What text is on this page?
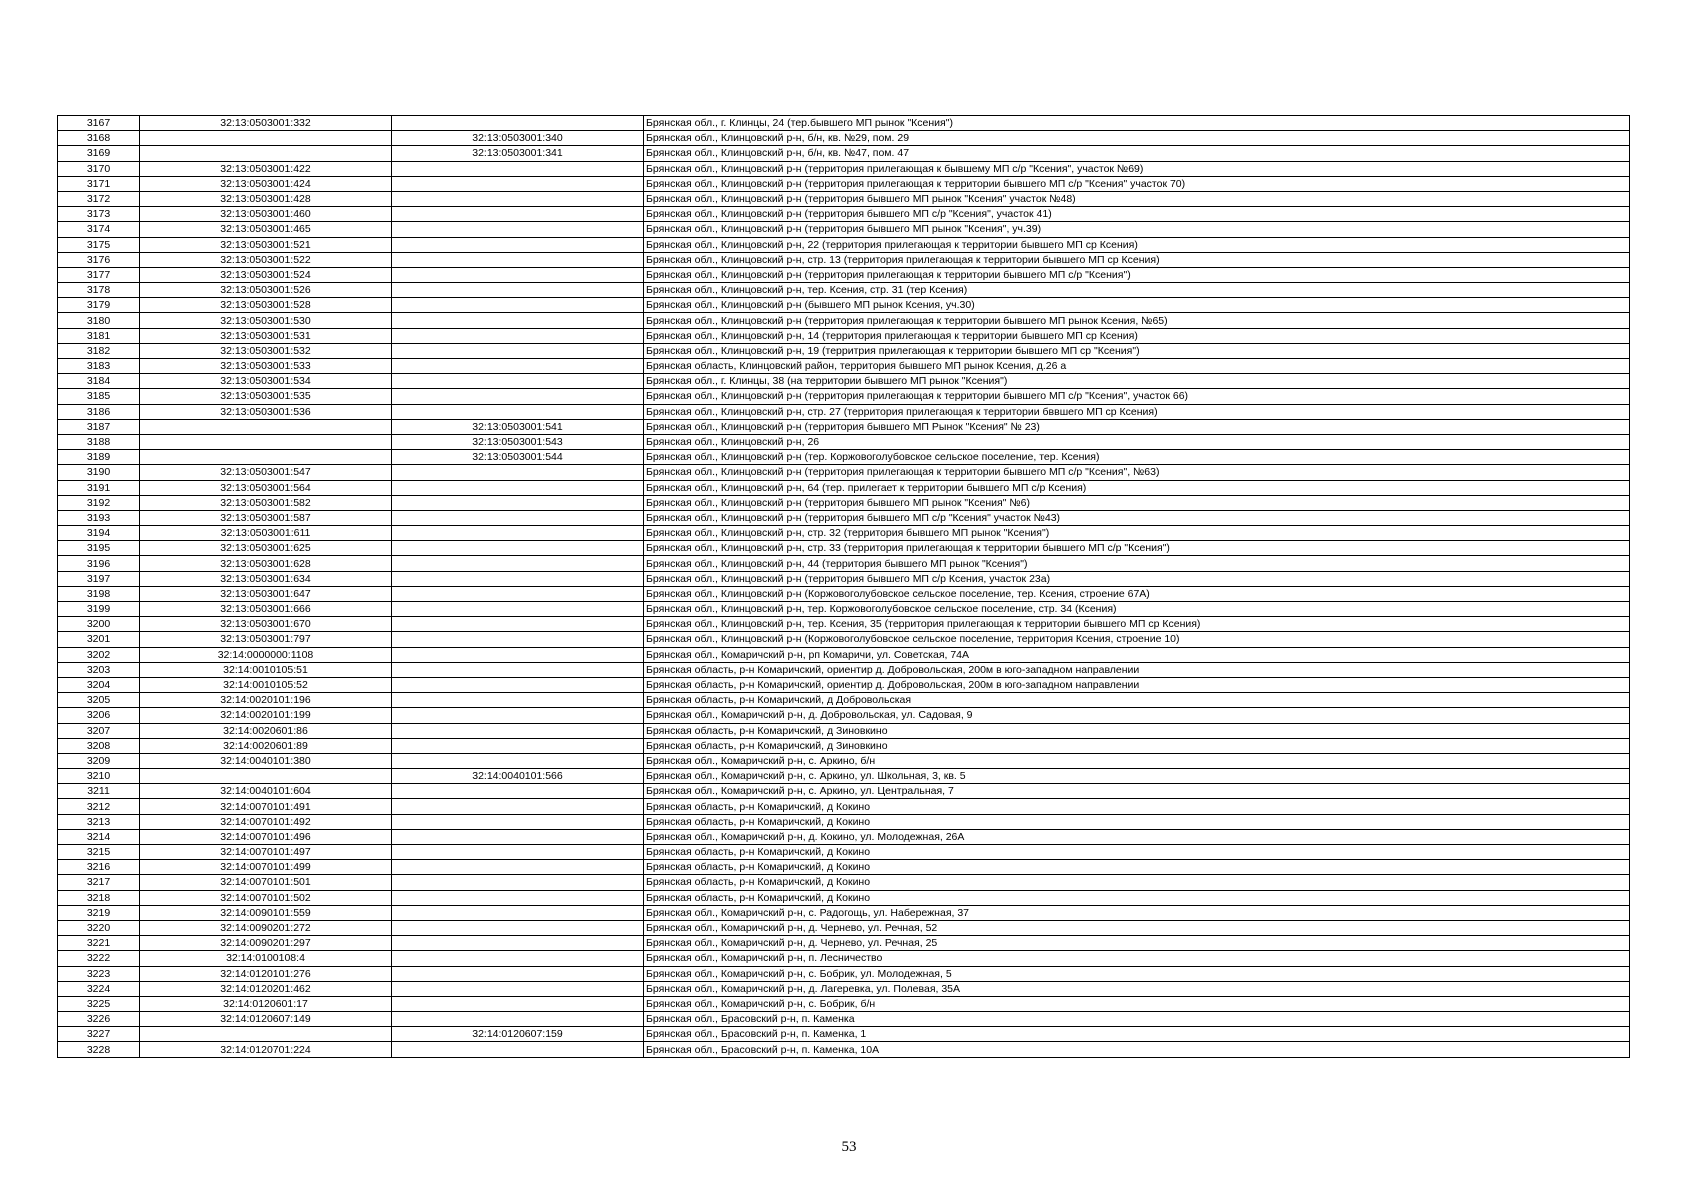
3167	32:13:0503001:332		Брянская обл., г. Клинцы, 24 (тер.бывшего МП рынок "Ксения")
3168		32:13:0503001:340	Брянская обл., Клинцовский р-н, б/н, кв. №29, пом. 29
3169		32:13:0503001:341	Брянская обл., Клинцовский р-н, б/н, кв. №47, пом. 47
3170	32:13:0503001:422		Брянская обл., Клинцовский р-н (территория прилегающая к бывшему МП с/р "Ксения", участок №69)
3171	32:13:0503001:424		Брянская обл., Клинцовский р-н (территория прилегающая к территории бывшего МП с/р "Ксения" участок 70)
3172	32:13:0503001:428		Брянская обл., Клинцовский р-н (территория бывшего МП рынок "Ксения" участок №48)
3173	32:13:0503001:460		Брянская обл., Клинцовский р-н (территория бывшего МП с/р "Ксения", участок 41)
3174	32:13:0503001:465		Брянская обл., Клинцовский р-н (территория бывшего МП рынок "Ксения", уч.39)
3175	32:13:0503001:521		Брянская обл., Клинцовский р-н, 22 (территория прилегающая к территории бывшего МП ср Ксения)
3176	32:13:0503001:522		Брянская обл., Клинцовский р-н, стр. 13 (территория прилегающая к территории бывшего МП ср Ксения)
3177	32:13:0503001:524		Брянская обл., Клинцовский р-н (территория прилегающая к территории бывшего МП с/р "Ксения")
3178	32:13:0503001:526		Брянская обл., Клинцовский р-н, тер. Ксения, стр. 31 (тер Ксения)
3179	32:13:0503001:528		Брянская обл., Клинцовский р-н (бывшего МП рынок Ксения, уч.30)
3180	32:13:0503001:530		Брянская обл., Клинцовский р-н (территория прилегающая к территории бывшего МП рынок Ксения, №65)
3181	32:13:0503001:531		Брянская обл., Клинцовский р-н, 14 (территория прилегающая к территории бывшего МП ср Ксения)
3182	32:13:0503001:532		Брянская обл., Клинцовский р-н, 19 (территрия прилегающая к территории бывшего МП ср "Ксения")
3183	32:13:0503001:533		Брянская область, Клинцовский район, территория бывшего МП рынок Ксения, д.26 а
3184	32:13:0503001:534		Брянская обл., г. Клинцы, 38 (на территории бывшего МП рынок "Ксения")
3185	32:13:0503001:535		Брянская обл., Клинцовский р-н (территория прилегающая к территории бывшего МП с/р "Ксения", участок 66)
3186	32:13:0503001:536		Брянская обл., Клинцовский р-н, стр. 27 (территория прилегающая к территории бввшего МП ср Ксения)
3187		32:13:0503001:541	Брянская обл., Клинцовский р-н (территория бывшего МП Рынок "Ксения" № 23)
3188		32:13:0503001:543	Брянская обл., Клинцовский р-н, 26
3189		32:13:0503001:544	Брянская обл., Клинцовский р-н (тер. Коржовоголубовское сельское поселение, тер. Ксения)
3190	32:13:0503001:547		Брянская обл., Клинцовский р-н (территория прилегающая к территории бывшего МП с/р "Ксения", №63)
3191	32:13:0503001:564		Брянская обл., Клинцовский р-н, 64 (тер. прилегает к территории бывшего МП с/р Ксения)
3192	32:13:0503001:582		Брянская обл., Клинцовский р-н (территория бывшего МП рынок "Ксения" №6)
3193	32:13:0503001:587		Брянская обл., Клинцовский р-н (территория бывшего МП с/р "Ксения" участок №43)
3194	32:13:0503001:611		Брянская обл., Клинцовский р-н, стр. 32 (территория бывшего МП рынок "Ксения")
3195	32:13:0503001:625		Брянская обл., Клинцовский р-н, стр. 33 (территория прилегающая к территории бывшего МП с/р "Ксения")
3196	32:13:0503001:628		Брянская обл., Клинцовский р-н, 44 (территория бывшего МП рынок "Ксения")
3197	32:13:0503001:634		Брянская обл., Клинцовский р-н (территория бывшего МП с/р Ксения, участок 23а)
3198	32:13:0503001:647		Брянская обл., Клинцовский р-н (Коржовоголубовское сельское поселение, тер. Ксения, строение 67А)
3199	32:13:0503001:666		Брянская обл., Клинцовский р-н, тер. Коржовоголубовское сельское поселение, стр. 34 (Ксения)
3200	32:13:0503001:670		Брянская обл., Клинцовский р-н, тер. Ксения, 35 (территория прилегающая к территории бывшего МП ср Ксения)
3201	32:13:0503001:797		Брянская обл., Клинцовский р-н (Коржовоголубовское сельское поселение, территория Ксения, строение 10)
3202	32:14:0000000:1108		Брянская обл., Комаричский р-н, рп Комаричи, ул. Советская, 74А
3203	32:14:0010105:51		Брянская область, р-н Комаричский, ориентир д. Добровольская, 200м в юго-западном направлении
3204	32:14:0010105:52		Брянская область, р-н Комаричский, ориентир д. Добровольская, 200м в юго-западном направлении
3205	32:14:0020101:196		Брянская область, р-н Комаричский, д Добровольская
3206	32:14:0020101:199		Брянская обл., Комаричский р-н, д. Добровольская, ул. Садовая, 9
3207	32:14:0020601:86		Брянская область, р-н Комаричский, д Зиновкино
3208	32:14:0020601:89		Брянская область, р-н Комаричский, д Зиновкино
3209	32:14:0040101:380		Брянская обл., Комаричский р-н, с. Аркино, б/н
3210		32:14:0040101:566	Брянская обл., Комаричский р-н, с. Аркино, ул. Школьная, 3, кв. 5
3211	32:14:0040101:604		Брянская обл., Комаричский р-н, с. Аркино, ул. Центральная, 7
3212	32:14:0070101:491		Брянская область, р-н Комаричский, д Кокино
3213	32:14:0070101:492		Брянская область, р-н Комаричский, д Кокино
3214	32:14:0070101:496		Брянская обл., Комаричский р-н, д. Кокино, ул. Молодежная, 26А
3215	32:14:0070101:497		Брянская область, р-н Комаричский, д Кокино
3216	32:14:0070101:499		Брянская область, р-н Комаричский, д Кокино
3217	32:14:0070101:501		Брянская область, р-н Комаричский, д Кокино
3218	32:14:0070101:502		Брянская область, р-н Комаричский, д Кокино
3219	32:14:0090101:559		Брянская обл., Комаричский р-н, с. Радогощь, ул. Набережная, 37
3220	32:14:0090201:272		Брянская обл., Комаричский р-н, д. Чернево, ул. Речная, 52
3221	32:14:0090201:297		Брянская обл., Комаричский р-н, д. Чернево, ул. Речная, 25
3222	32:14:0100108:4		Брянская обл., Комаричский р-н, п. Лесничество
3223	32:14:0120101:276		Брянская обл., Комаричский р-н, с. Бобрик, ул. Молодежная, 5
3224	32:14:0120201:462		Брянская обл., Комаричский р-н, д. Лагеревка, ул. Полевая, 35А
3225	32:14:0120601:17		Брянская обл., Комаричский р-н, с. Бобрик, б/н
3226	32:14:0120607:149		Брянская обл., Брасовский р-н, п. Каменка
3227		32:14:0120607:159	Брянская обл., Брасовский р-н, п. Каменка, 1
3228	32:14:0120701:224		Брянская обл., Брасовский р-н, п. Каменка, 10А
53
